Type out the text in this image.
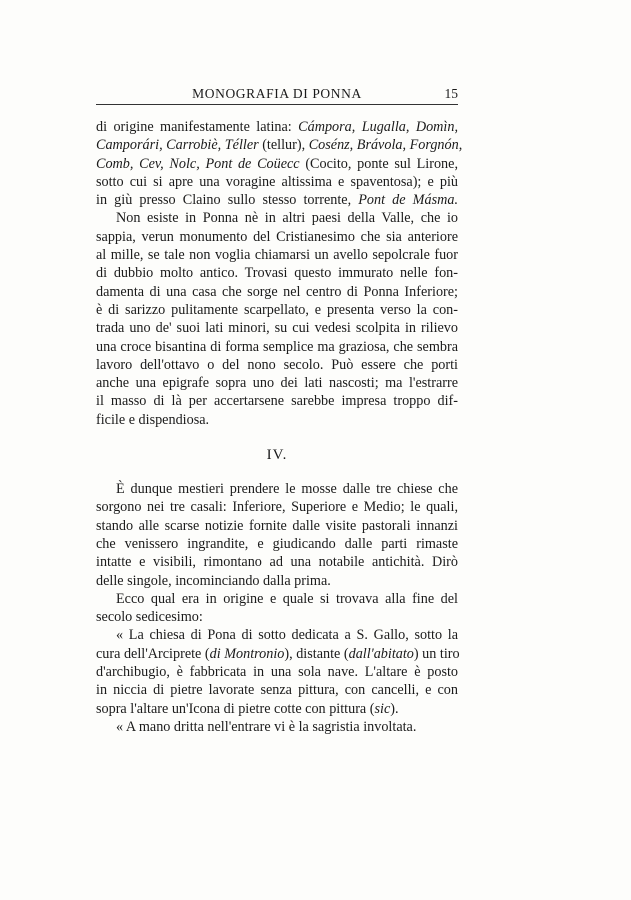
MONOGRAFIA DI PONNA	15
di origine manifestamente latina: Cámpora, Lugalla, Domìn,
Camporári, Carrobiè, Téller (tellur), Cosénz, Brávola, Forgnón,
Comb, Cev, Nolc, Pont de Coüecc (Cocito, ponte sul Lirone,
sotto cui si apre una voragine altissima e spaventosa); e più
in giù presso Claino sullo stesso torrente, Pont de Másma.
Non esiste in Ponna nè in altri paesi della Valle, che io
sappia, verun monumento del Cristianesimo che sia anteriore
al mille, se tale non voglia chiamarsi un avello sepolcrale fuor
di dubbio molto antico. Trovasi questo immurato nelle fon-
damenta di una casa che sorge nel centro di Ponna Inferiore;
è di sarizzo pulitamente scarpellato, e presenta verso la con-
trada uno de' suoi lati minori, su cui vedesi scolpita in rilievo
una croce bisantina di forma semplice ma graziosa, che sembra
lavoro dell'ottavo o del nono secolo. Può essere che porti
anche una epigrafe sopra uno dei lati nascosti; ma l'estrarre
il masso di là per accertarsene sarebbe impresa troppo dif-
ficile e dispendiosa.
IV.
È dunque mestieri prendere le mosse dalle tre chiese che
sorgono nei tre casali: Inferiore, Superiore e Medio; le quali,
stando alle scarse notizie fornite dalle visite pastorali innanzi
che venissero ingrandite, e giudicando dalle parti rimaste
intatte e visibili, rimontano ad una notabile antichità. Dirò
delle singole, incominciando dalla prima.
Ecco qual era in origine e quale si trovava alla fine del
secolo sedicesimo:
« La chiesa di Pona di sotto dedicata a S. Gallo, sotto la
cura dell'Arciprete (di Montronio), distante (dall'abitato) un tiro
d'archibugio, è fabbricata in una sola nave. L'altare è posto
in niccia di pietre lavorate senza pittura, con cancelli, e con
sopra l'altare un'Icona di pietre cotte con pittura (sic).
« A mano dritta nell'entrare vi è la sagristia involtata.
